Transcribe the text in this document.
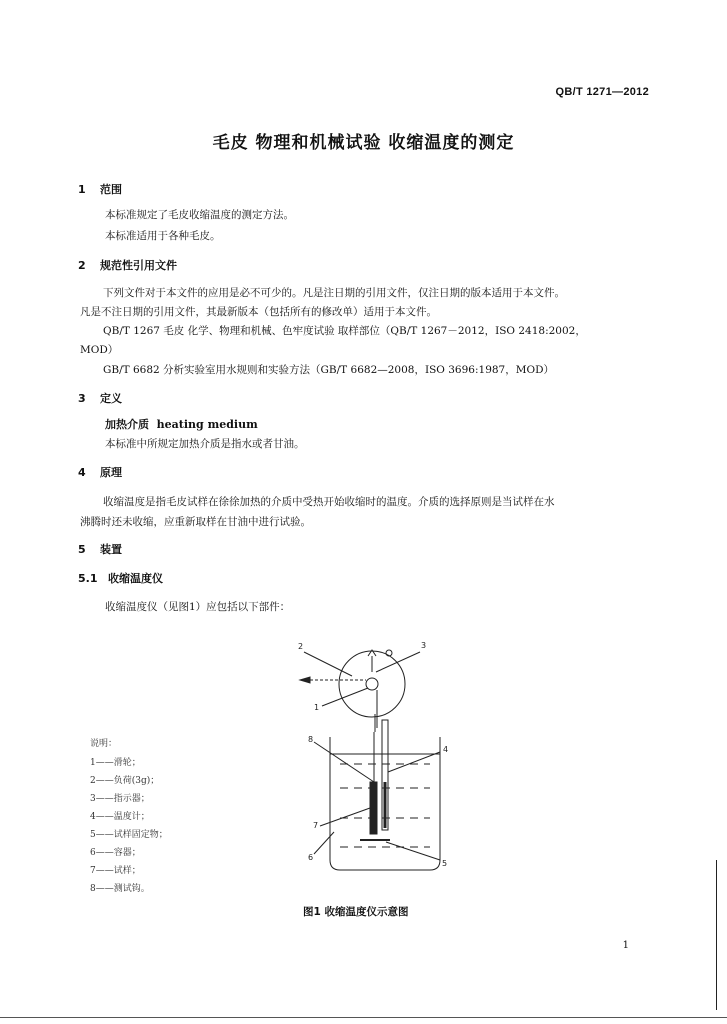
QB/T 1271—2012
毛皮 物理和机械试验 收缩温度的测定
1 范围
本标准规定了毛皮收缩温度的测定方法。
本标准适用于各种毛皮。
2 规范性引用文件
下列文件对于本文件的应用是必不可少的。凡是注日期的引用文件，仅注日期的版本适用于本文件。
凡是不注日期的引用文件，其最新版本（包括所有的修改单）适用于本文件。
QB/T 1267 毛皮 化学、物理和机械、色牢度试验 取样部位（QB/T 1267－2012，ISO 2418:2002，
MOD）
GB/T 6682 分析实验室用水规则和实验方法（GB/T 6682—2008，ISO 3696:1987，MOD）
3 定义
加热介质 heating medium
本标准中所规定加热介质是指水或者甘油。
4 原理
收缩温度是指毛皮试样在徐徐加热的介质中受热开始收缩时的温度。介质的选择原则是当试样在水
沸腾时还未收缩，应重新取样在甘油中进行试验。
5 装置
5.1 收缩温度仪
收缩温度仪（见图1）应包括以下部件：
2	3
1
8
4
7
6
5
说明：
1——滑轮；
2——负荷(3g)；
3——指示器；
4——温度计；
5——试样固定物；
6——容器；
7——试样；
8——测试钩。
图1 收缩温度仪示意图
1
